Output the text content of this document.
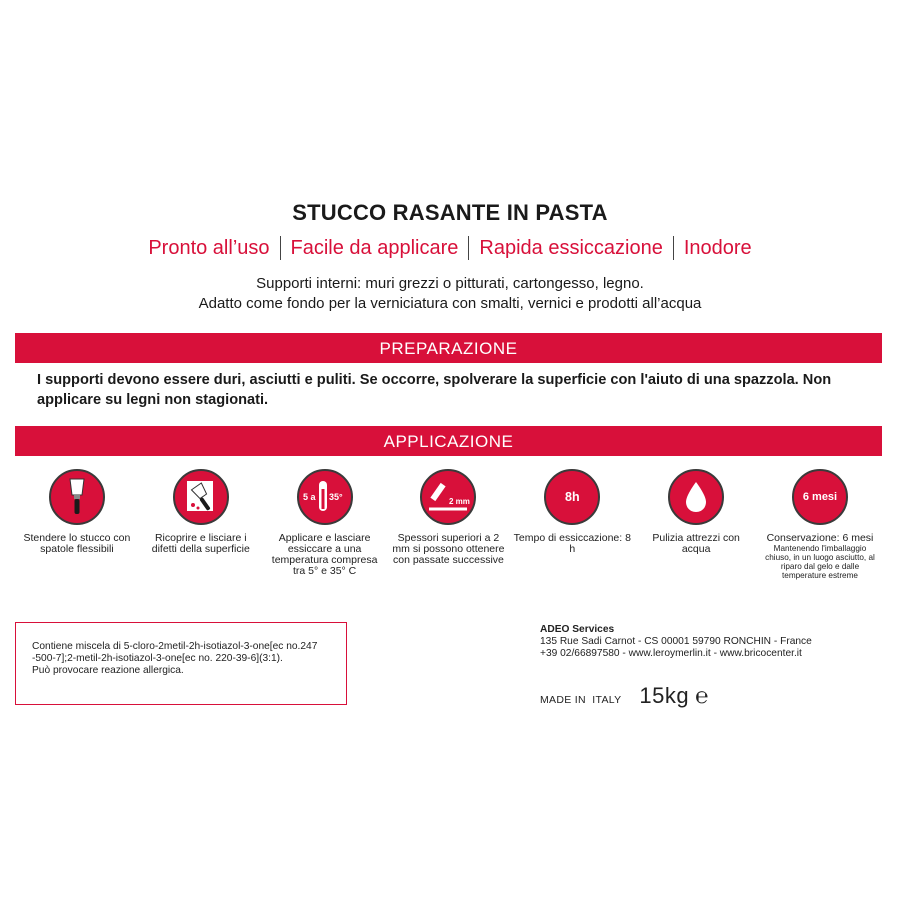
STUCCO RASANTE IN PASTA
Pronto all’uso	Facile da applicare	Rapida essiccazione	Inodore
Supporti interni: muri grezzi o pitturati, cartongesso, legno.
Adatto come fondo per la verniciatura con smalti, vernici e prodotti all’acqua
PREPARAZIONE
I supporti devono essere duri, asciutti e puliti. Se occorre, spolverare la superficie con l'aiuto di una spazzola. Non applicare su legni non stagionati.
APPLICAZIONE
Stendere lo stucco con spatole flessibili
Ricoprire e lisciare i difetti della superficie
5 a 35°
Applicare e lasciare essiccare a una temperatura compresa tra 5° e 35° C
2 mm
Spessori superiori a 2 mm si possono ottenere con passate successive
8h
Tempo di essiccazione: 8 h
Pulizia attrezzi con acqua
6 mesi
Conservazione: 6 mesi
Mantenendo l'imballaggio chiuso, in un luogo asciutto, al riparo dal gelo e dalle temperature estreme
Contiene miscela di 5-cloro-2metil-2h-isotiazol-3-one[ec no.247
-500-7];2-metil-2h-isotiazol-3-one[ec no. 220-39-6](3:1).
Può provocare reazione allergica.
ADEO Services
135 Rue Sadi Carnot - CS 00001 59790 RONCHIN - France
+39 02/66897580 - www.leroymerlin.it - www.bricocenter.it
MADE IN  ITALY 15kg ℮
